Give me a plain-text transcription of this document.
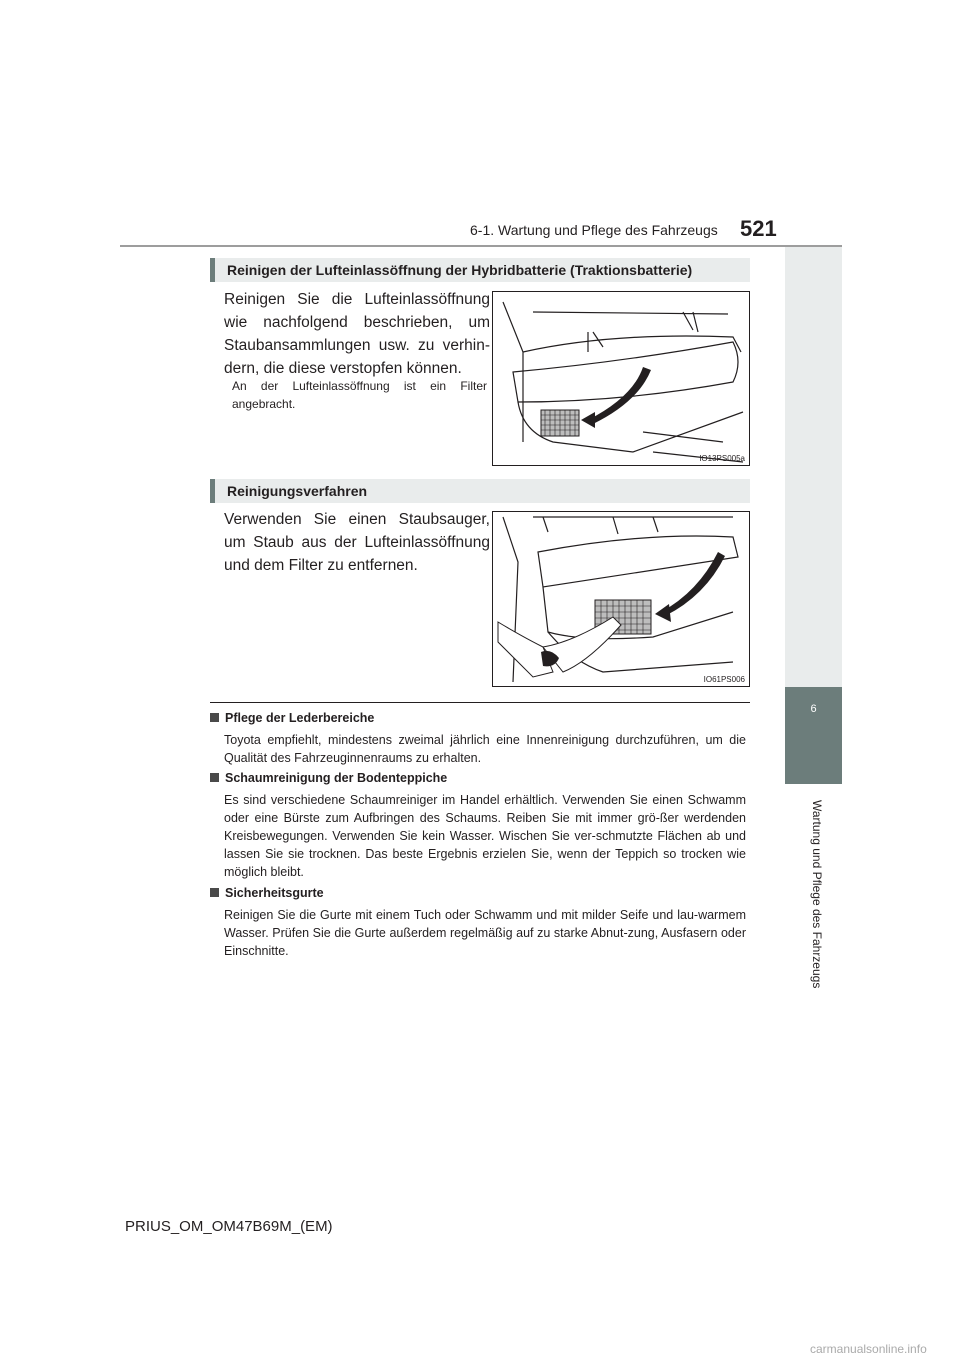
6-1. Wartung und Pflege des Fahrzeugs 521
6
Wartung und Pflege des Fahrzeugs
Reinigen der Lufteinlassöffnung der Hybridbatterie (Traktionsbatterie)
Reinigen Sie die Lufteinlassöffnung wie nachfolgend beschrieben, um Staubansammlungen usw. zu verhin-dern, die diese verstopfen können.
An der Lufteinlassöffnung ist ein Filter angebracht.
IO13PS005a
Reinigungsverfahren
Verwenden Sie einen Staubsauger, um Staub aus der Lufteinlassöffnung und dem Filter zu entfernen.
IO61PS006
Pflege der Lederbereiche
Toyota empfiehlt, mindestens zweimal jährlich eine Innenreinigung durchzuführen, um die Qualität des Fahrzeuginnenraums zu erhalten.
Schaumreinigung der Bodenteppiche
Es sind verschiedene Schaumreiniger im Handel erhältlich. Verwenden Sie einen Schwamm oder eine Bürste zum Aufbringen des Schaums. Reiben Sie mit immer grö-ßer werdenden Kreisbewegungen. Verwenden Sie kein Wasser. Wischen Sie ver-schmutzte Flächen ab und lassen Sie sie trocknen. Das beste Ergebnis erzielen Sie, wenn der Teppich so trocken wie möglich bleibt.
Sicherheitsgurte
Reinigen Sie die Gurte mit einem Tuch oder Schwamm und mit milder Seife und lau-warmem Wasser. Prüfen Sie die Gurte außerdem regelmäßig auf zu starke Abnut-zung, Ausfasern oder Einschnitte.
PRIUS_OM_OM47B69M_(EM)
carmanualsonline.info
